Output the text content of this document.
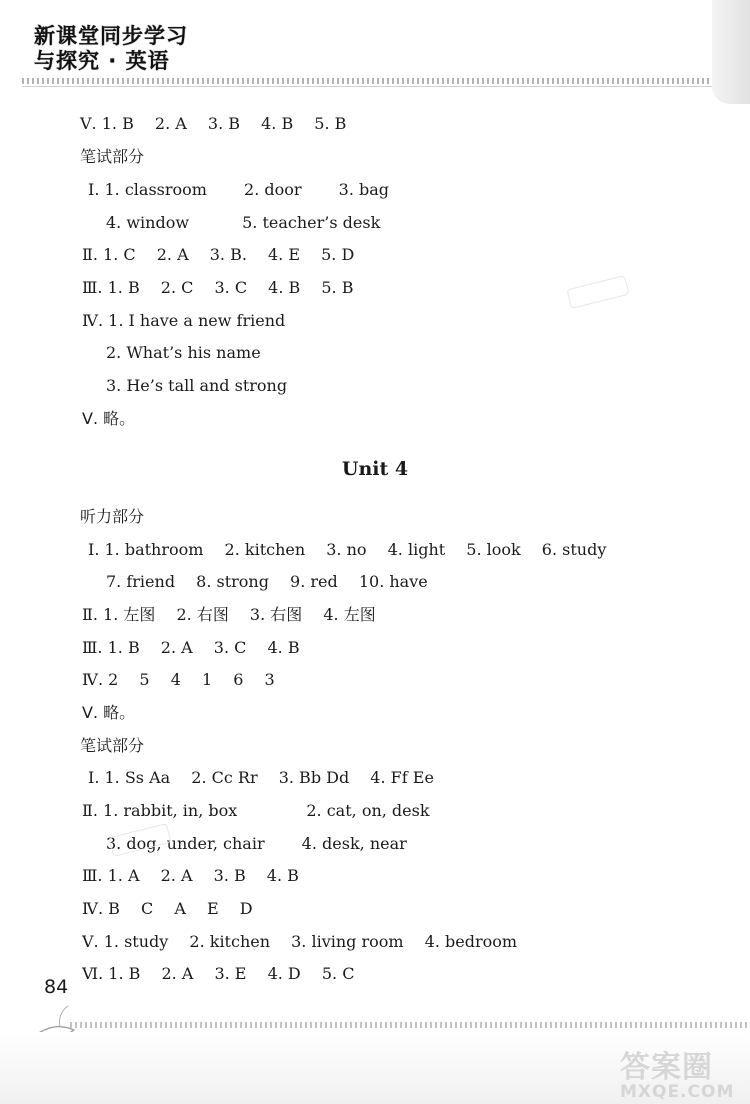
新课堂同步学习
与探究 · 英语
Ⅴ. 1. B　 2. A　 3. B　 4. B　 5. B
笔试部分
Ⅰ. 1. classroom　　 2. door　　 3. bag
4. window　　　 5. teacher’s desk
Ⅱ. 1. C　 2. A　 3. B.　 4. E　 5. D
Ⅲ. 1. B　 2. C　 3. C　 4. B　 5. B
Ⅳ. 1. I have a new friend
2. What’s his name
3. He’s tall and strong
Ⅴ. 略。
Unit 4
听力部分
Ⅰ. 1. bathroom　 2. kitchen　 3. no　 4. light　 5. look　 6. study
7. friend　 8. strong　 9. red　 10. have
Ⅱ. 1. 左图　 2. 右图　 3. 右图　 4. 左图
Ⅲ. 1. B　 2. A　 3. C　 4. B
Ⅳ. 2　 5　 4　 1　 6　 3
Ⅴ. 略。
笔试部分
Ⅰ. 1. Ss Aa　 2. Cc Rr　 3. Bb Dd　 4. Ff Ee
Ⅱ. 1. rabbit, in, box　　　　 2. cat, on, desk
3. dog, under, chair　　 4. desk, near
Ⅲ. 1. A　 2. A　 3. B　 4. B
Ⅳ. B　 C　 A　 E　 D
Ⅴ. 1. study　 2. kitchen　 3. living room　 4. bedroom
Ⅵ. 1. B　 2. A　 3. E　 4. D　 5. C
84
答案圈
MXQE.COM
